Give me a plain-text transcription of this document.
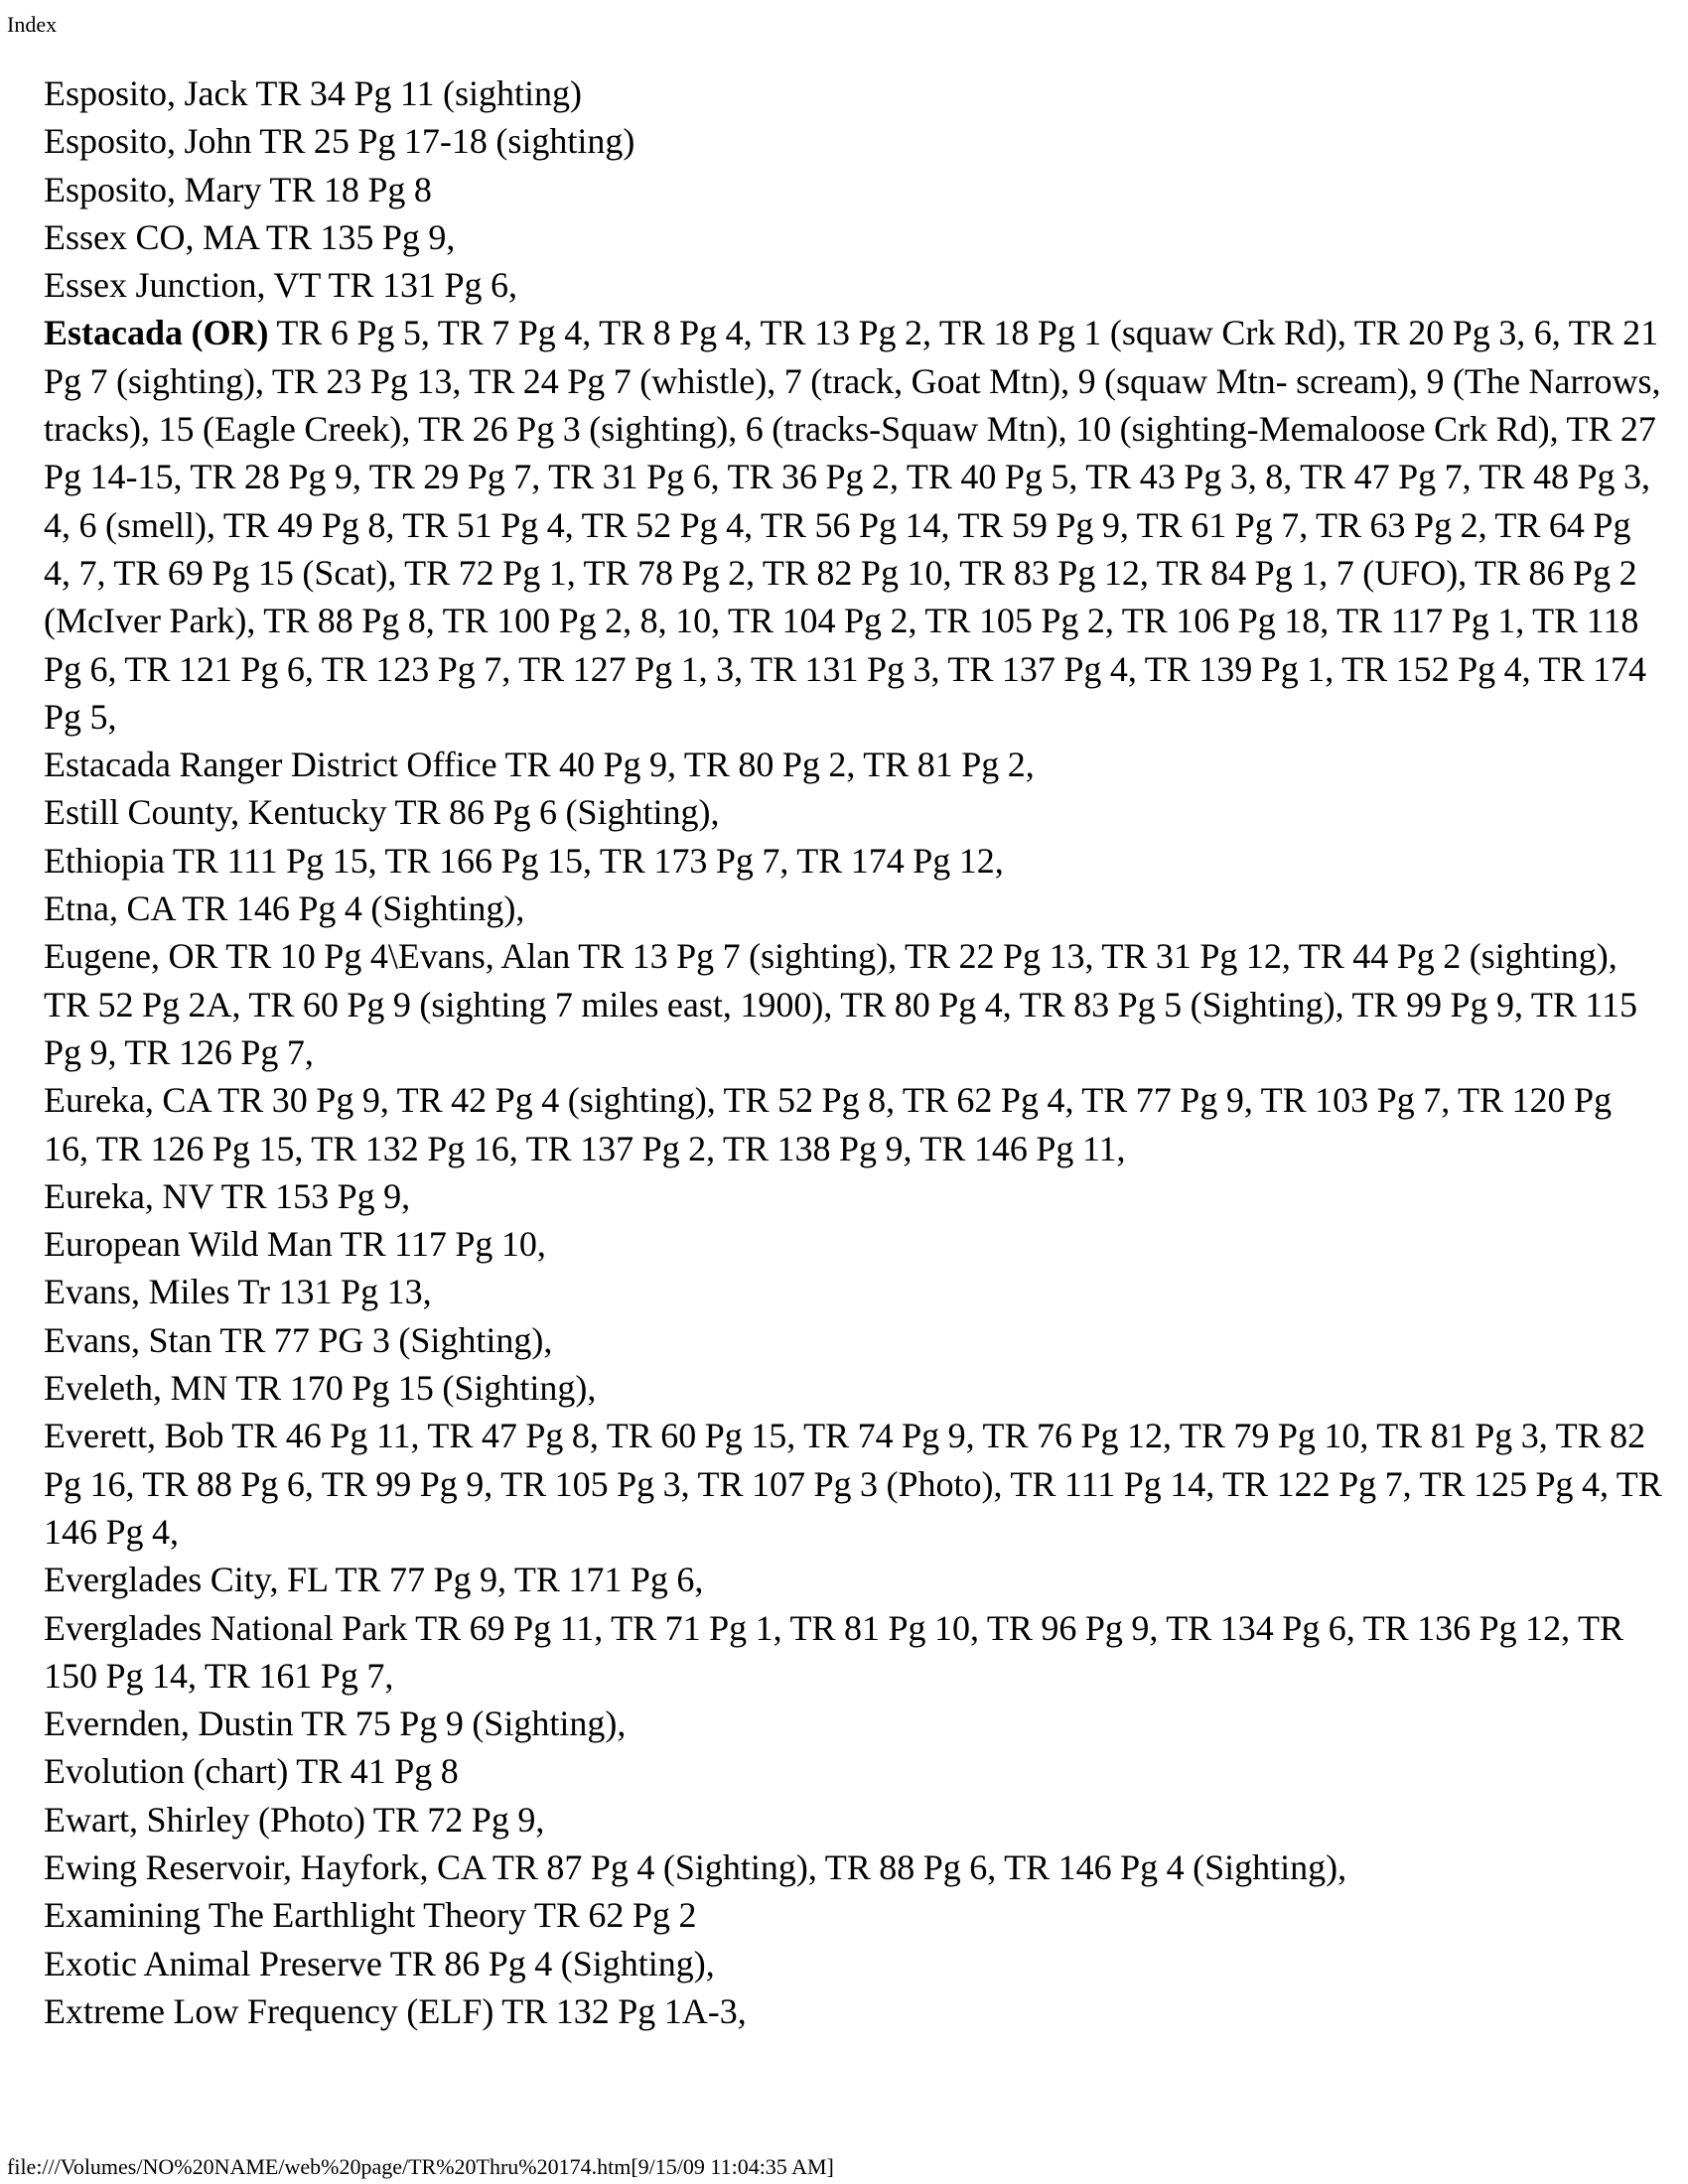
Index
Esposito, Jack TR 34 Pg 11 (sighting)
Esposito, John TR 25 Pg 17-18 (sighting)
Esposito, Mary TR 18 Pg 8
Essex CO, MA TR 135 Pg 9,
Essex Junction, VT TR 131 Pg 6,
Estacada (OR) TR 6 Pg 5, TR 7 Pg 4, TR 8 Pg 4, TR 13 Pg 2, TR 18 Pg 1 (squaw Crk Rd), TR 20 Pg 3, 6, TR 21 Pg 7 (sighting), TR 23 Pg 13, TR 24 Pg 7 (whistle), 7 (track, Goat Mtn), 9 (squaw Mtn- scream), 9 (The Narrows, tracks), 15 (Eagle Creek), TR 26 Pg 3 (sighting), 6 (tracks-Squaw Mtn), 10 (sighting-Memaloose Crk Rd), TR 27 Pg 14-15, TR 28 Pg 9, TR 29 Pg 7, TR 31 Pg 6, TR 36 Pg 2, TR 40 Pg 5, TR 43 Pg 3, 8, TR 47 Pg 7, TR 48 Pg 3, 4, 6 (smell), TR 49 Pg 8, TR 51 Pg 4, TR 52 Pg 4, TR 56 Pg 14, TR 59 Pg 9, TR 61 Pg 7, TR 63 Pg 2, TR 64 Pg 4, 7, TR 69 Pg 15 (Scat), TR 72 Pg 1, TR 78 Pg 2, TR 82 Pg 10, TR 83 Pg 12, TR 84 Pg 1, 7 (UFO), TR 86 Pg 2 (McIver Park), TR 88 Pg 8, TR 100 Pg 2, 8, 10, TR 104 Pg 2, TR 105 Pg 2, TR 106 Pg 18, TR 117 Pg 1, TR 118 Pg 6, TR 121 Pg 6, TR 123 Pg 7, TR 127 Pg 1, 3, TR 131 Pg 3, TR 137 Pg 4, TR 139 Pg 1, TR 152 Pg 4, TR 174 Pg 5,
Estacada Ranger District Office TR 40 Pg 9, TR 80 Pg 2, TR 81 Pg 2,
Estill County, Kentucky TR 86 Pg 6 (Sighting),
Ethiopia TR 111 Pg 15, TR 166 Pg 15, TR 173 Pg 7, TR 174 Pg 12,
Etna, CA TR 146 Pg 4 (Sighting),
Eugene, OR TR 10 Pg 4\Evans, Alan TR 13 Pg 7 (sighting), TR 22 Pg 13, TR 31 Pg 12, TR 44 Pg 2 (sighting), TR 52 Pg 2A, TR 60 Pg 9 (sighting 7 miles east, 1900), TR 80 Pg 4, TR 83 Pg 5 (Sighting), TR 99 Pg 9, TR 115 Pg 9, TR 126 Pg 7,
Eureka, CA TR 30 Pg 9, TR 42 Pg 4 (sighting), TR 52 Pg 8, TR 62 Pg 4, TR 77 Pg 9, TR 103 Pg 7, TR 120 Pg 16, TR 126 Pg 15, TR 132 Pg 16, TR 137 Pg 2, TR 138 Pg 9, TR 146 Pg 11,
Eureka, NV TR 153 Pg 9,
European Wild Man TR 117 Pg 10,
Evans, Miles Tr 131 Pg 13,
Evans, Stan TR 77 PG 3 (Sighting),
Eveleth, MN TR 170 Pg 15 (Sighting),
Everett, Bob TR 46 Pg 11, TR 47 Pg 8, TR 60 Pg 15, TR 74 Pg 9, TR 76 Pg 12, TR 79 Pg 10, TR 81 Pg 3, TR 82 Pg 16, TR 88 Pg 6, TR 99 Pg 9, TR 105 Pg 3, TR 107 Pg 3 (Photo), TR 111 Pg 14, TR 122 Pg 7, TR 125 Pg 4, TR 146 Pg 4,
Everglades City, FL TR 77 Pg 9, TR 171 Pg 6,
Everglades National Park TR 69 Pg 11, TR 71 Pg 1, TR 81 Pg 10, TR 96 Pg 9, TR 134 Pg 6, TR 136 Pg 12, TR 150 Pg 14, TR 161 Pg 7,
Evernden, Dustin TR 75 Pg 9 (Sighting),
Evolution (chart) TR 41 Pg 8
Ewart, Shirley (Photo) TR 72 Pg 9,
Ewing Reservoir, Hayfork, CA TR 87 Pg 4 (Sighting), TR 88 Pg 6, TR 146 Pg 4 (Sighting),
Examining The Earthlight Theory TR 62 Pg 2
Exotic Animal Preserve TR 86 Pg 4 (Sighting),
Extreme Low Frequency (ELF) TR 132 Pg 1A-3,
file:///Volumes/NO%20NAME/web%20page/TR%20Thru%20174.htm[9/15/09 11:04:35 AM]
